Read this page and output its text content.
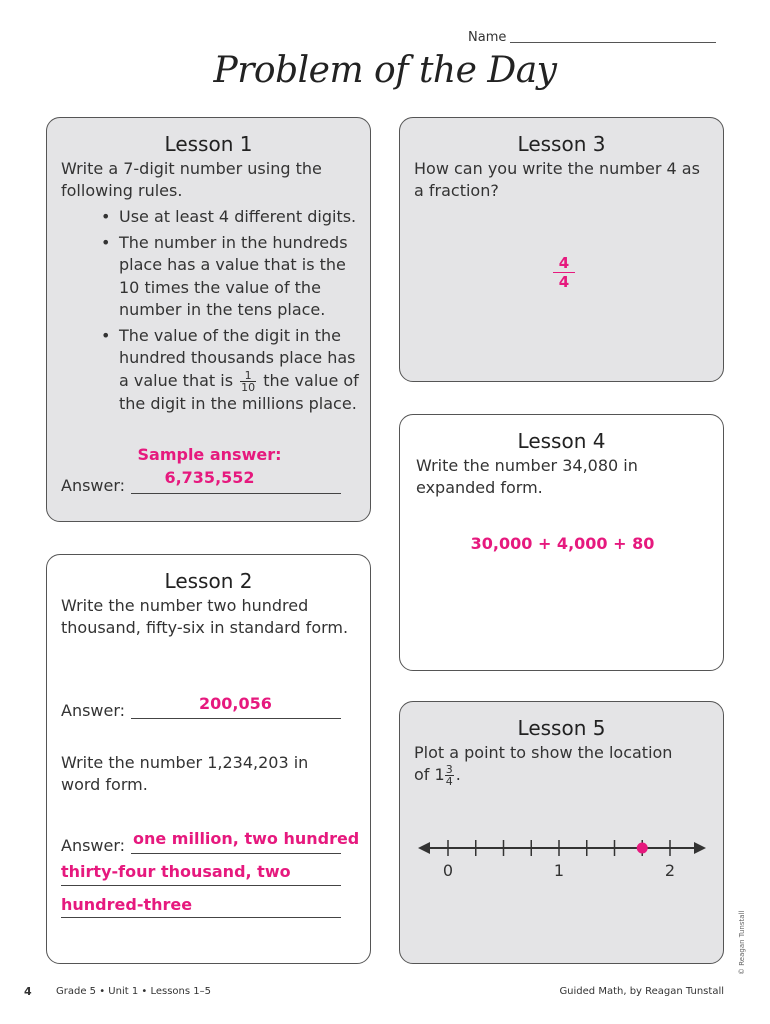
Name
Problem of the Day
Lesson 1
Write a 7-digit number using the
following rules.
• Use at least 4 different digits.
• The number in the hundreds
place has a value that is the
10 times the value of the
number in the tens place.
• The value of the digit in the
hundred thousands place has
a value that is $\frac{1}{10}$ the value of
the digit in the millions place.
Sample answer:
6,735,552
Answer:
Lesson 2
Write the number two hundred
thousand, fifty-six in standard form.
Answer:	200,056
Write the number 1,234,203 in
word form.
Answer: one million, two hundred
thirty-four thousand, two
hundred-three
Lesson 3
How can you write the number 4 as
a fraction?
$\frac{4}{4}$
Lesson 4
Write the number 34,080 in
expanded form.
30,000 + 4,000 + 80
Lesson 5
Plot a point to show the location
of $1 \frac{3}{4}$ .
0	1	2
4 Grade 5 • Unit 1 • Lessons 1–5	Guided Math, by Reagan Tunstall
© Reagan Tunstall
